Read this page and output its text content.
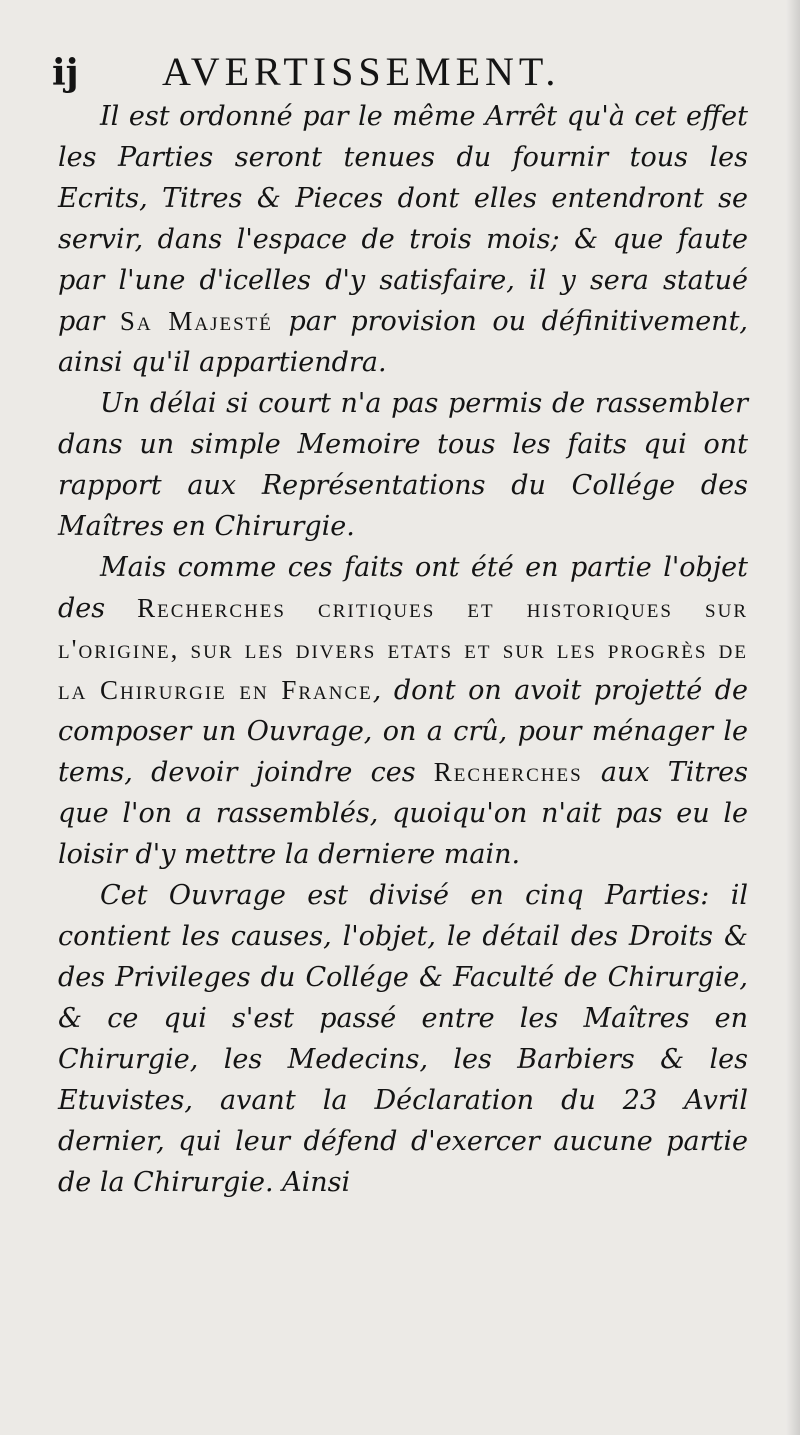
ij AVERTISSEMENT.

Il est ordonné par le même Arrêt qu'à cet effet les Parties seront tenues du fournir tous les Ecrits, Titres & Pieces dont elles entendront se servir, dans l'espace de trois mois; & que faute par l'une d'icelles d'y satisfaire, il y sera statué par Sa Majesté par provision ou définitivement, ainsi qu'il appartiendra.

Un délai si court n'a pas permis de rassembler dans un simple Memoire tous les faits qui ont rapport aux Représentations du Collége des Maîtres en Chirurgie.

Mais comme ces faits ont été en partie l'objet des Recherches critiques et historiques sur l'origine, sur les divers etats et sur les progrès de la Chirurgie en France, dont on avoit projetté de composer un Ouvrage, on a crû, pour ménager le tems, devoir joindre ces Recherches aux Titres que l'on a rassemblés, quoiqu'on n'ait pas eu le loisir d'y mettre la derniere main.

Cet Ouvrage est divisé en cinq Parties: il contient les causes, l'objet, le détail des Droits & des Privileges du Collége & Faculté de Chirurgie, & ce qui s'est passé entre les Maîtres en Chirurgie, les Medecins, les Barbiers & les Etuvistes, avant la Déclaration du 23 Avril dernier, qui leur défend d'exercer aucune partie de la Chirurgie. Ainsi
